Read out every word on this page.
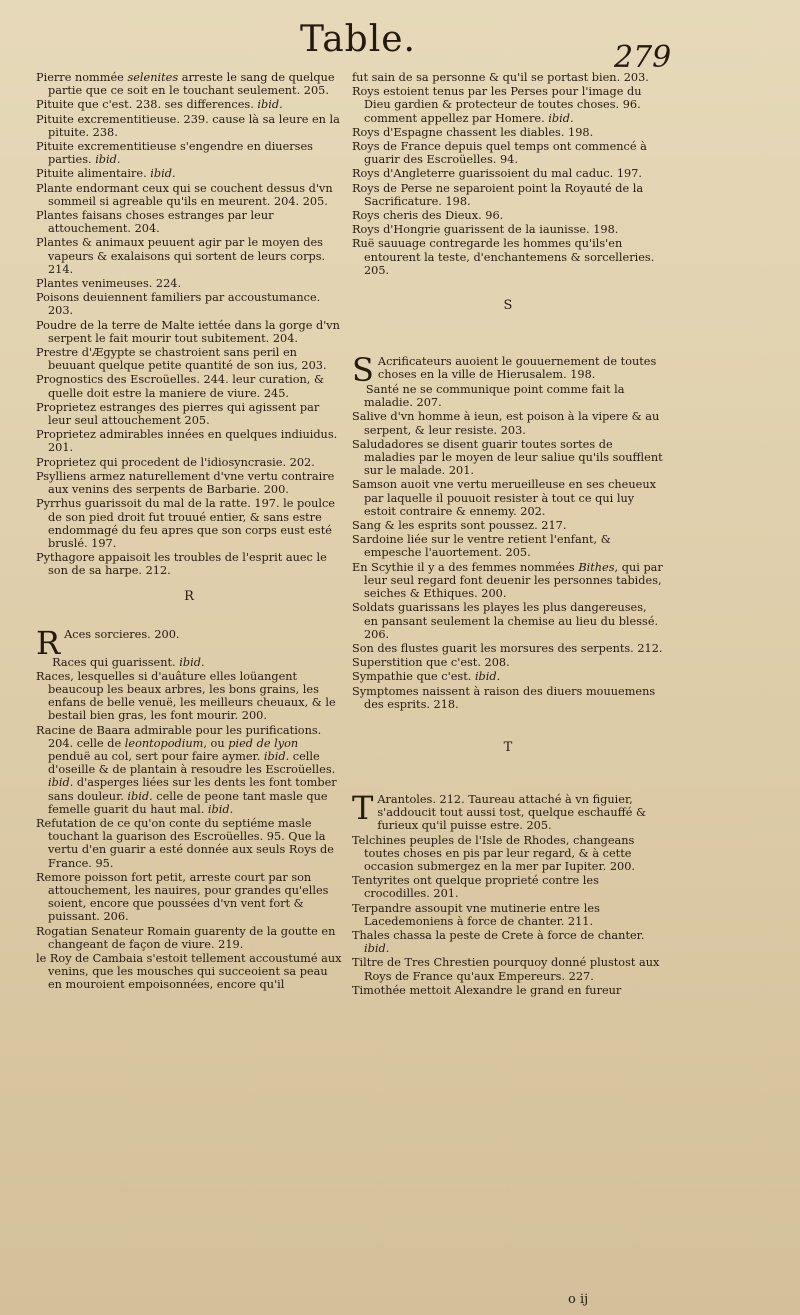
Table.	279
Pierre nommée selenites arreste le sang de quelque partie que ce soit en le touchant seulement. 205.
Pituite que c'est. 238. ses differences. ibid.
Pituite excrementitieuse. 239. cause là sa leure en la pituite. 238.
Pituite excrementitieuse s'engendre en diuerses parties. ibid.
Pituite alimentaire. ibid.
Plante endormant ceux qui se couchent dessus d'vn sommeil si agreable qu'ils en meurent. 204. 205.
Plantes faisans choses estranges par leur attouchement. 204.
Plantes & animaux peuuent agir par le moyen des vapeurs & exalaisons qui sortent de leurs corps. 214.
Plantes venimeuses. 224.
Poisons deuiennent familiers par accoustumance. 203.
Poudre de la terre de Malte iettée dans la gorge d'vn serpent le fait mourir tout subitement. 204.
Prestre d'Ægypte se chastroient sans peril en beuuant quelque petite quantité de son ius, 203.
Prognostics des Escroüelles. 244. leur curation, & quelle doit estre la maniere de viure. 245.
Proprietez estranges des pierres qui agissent par leur seul attouchement 205.
Proprietez admirables innées en quelques indiuidus. 201.
Proprietez qui procedent de l'idiosyncrasie. 202.
Psylliens armez naturellement d'vne vertu contraire aux venins des serpents de Barbarie. 200.
Pyrrhus guarissoit du mal de la ratte. 197. le poulce de son pied droit fut trouué entier, & sans estre endommagé du feu apres que son corps eust esté bruslé. 197.
Pythagore appaisoit les troubles de l'esprit auec le son de sa harpe. 212.
R
R Aces sorcieres. 200.
Races qui guarissent. ibid.
Races, lesquelles si d'auâture elles loüangent beaucoup les beaux arbres, les bons grains, les enfans de belle venuë, les meilleurs cheuaux, & le bestail bien gras, les font mourir. 200.
Racine de Baara admirable pour les purifications. 204. celle de leontopodium, ou pied de lyon penduë au col, sert pour faire aymer. ibid. celle d'oseille & de plantain à resoudre les Escroüelles. ibid. d'asperges liées sur les dents les font tomber sans douleur. ibid. celle de peone tant masle que femelle guarit du haut mal. ibid.
Refutation de ce qu'on conte du septiéme masle touchant la guarison des Escroüelles. 95. Que la vertu d'en guarir a esté donnée aux seuls Roys de France. 95.
Remore poisson fort petit, arreste court par son attouchement, les nauires, pour grandes qu'elles soient, encore que poussées d'vn vent fort & puissant. 206.
Rogatian Senateur Romain guarenty de la goutte en changeant de façon de viure. 219.
le Roy de Cambaia s'estoit tellement accoustumé aux venins, que les mousches qui succeoient sa peau en mouroient empoisonnées, encore qu'il
fut sain de sa personne & qu'il se portast bien. 203.
Roys estoient tenus par les Perses pour l'image du Dieu gardien & protecteur de toutes choses. 96. comment appellez par Homere. ibid.
Roys d'Espagne chassent les diables. 198.
Roys de France depuis quel temps ont commencé à guarir des Escroüelles. 94.
Roys d'Angleterre guarissoient du mal caduc. 197.
Roys de Perse ne separoient point la Royauté de la Sacrificature. 198.
Roys cheris des Dieux. 96.
Roys d'Hongrie guarissent de la iaunisse. 198.
Ruë sauuage contregarde les hommes qu'ils'en entourent la teste, d'enchantemens & sorcelleries. 205.
S
S Acrificateurs auoient le gouuernement de toutes choses en la ville de Hierusalem. 198.
Santé ne se communique point comme fait la maladie. 207.
Salive d'vn homme à ieun, est poison à la vipere & au serpent, & leur resiste. 203.
Saludadores se disent guarir toutes sortes de maladies par le moyen de leur saliue qu'ils soufflent sur le malade. 201.
Samson auoit vne vertu merueilleuse en ses cheueux par laquelle il pouuoit resister à tout ce qui luy estoit contraire & ennemy. 202.
Sang & les esprits sont poussez. 217.
Sardoine liée sur le ventre retient l'enfant, & empesche l'auortement. 205.
En Scythie il y a des femmes nommées Bithes, qui par leur seul regard font deuenir les personnes tabides, seiches & Ethiques. 200.
Soldats guarissans les playes les plus dangereuses, en pansant seulement la chemise au lieu du blessé. 206.
Son des flustes guarit les morsures des serpents. 212.
Superstition que c'est. 208.
Sympathie que c'est. ibid.
Symptomes naissent à raison des diuers mouuemens des esprits. 218.
T
T Arantoles. 212. Taureau attaché à vn figuier, s'addoucit tout aussi tost, quelque eschauffé & furieux qu'il puisse estre. 205.
Telchines peuples de l'Isle de Rhodes, changeans toutes choses en pis par leur regard, & à cette occasion submergez en la mer par Iupiter. 200.
Tentyrites ont quelque proprieté contre les crocodilles. 201.
Terpandre assoupit vne mutinerie entre les Lacedemoniens à force de chanter. 211.
Thales chassa la peste de Crete à force de chanter. ibid.
Tiltre de Tres Chrestien pourquoy donné plustost aux Roys de France qu'aux Empereurs. 227.
Timothée mettoit Alexandre le grand en fureur
o ij
